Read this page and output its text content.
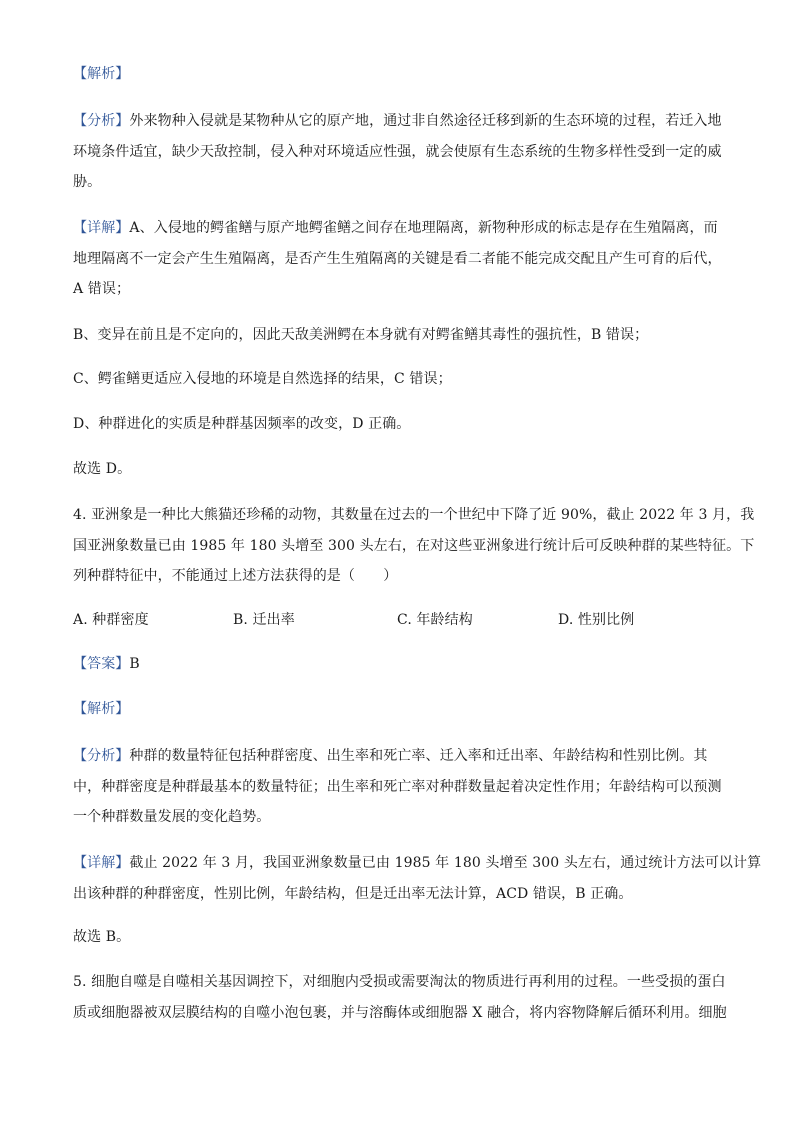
【解析】
【分析】外来物种入侵就是某物种从它的原产地，通过非自然途径迁移到新的生态环境的过程，若迁入地
环境条件适宜，缺少天敌控制，侵入种对环境适应性强，就会使原有生态系统的生物多样性受到一定的威
胁。
【详解】A、入侵地的鳄雀鳝与原产地鳄雀鳝之间存在地理隔离，新物种形成的标志是存在生殖隔离，而
地理隔离不一定会产生生殖隔离，是否产生生殖隔离的关键是看二者能不能完成交配且产生可育的后代，
A 错误；
B、变异在前且是不定向的，因此天敌美洲鳄在本身就有对鳄雀鳝其毒性的强抗性，B 错误；
C、鳄雀鳝更适应入侵地的环境是自然选择的结果，C 错误；
D、种群进化的实质是种群基因频率的改变，D 正确。
故选 D。
4. 亚洲象是一种比大熊猫还珍稀的动物，其数量在过去的一个世纪中下降了近 90%，截止 2022 年 3 月，我
国亚洲象数量已由 1985 年 180 头增至 300 头左右，在对这些亚洲象进行统计后可反映种群的某些特征。下
列种群特征中，不能通过上述方法获得的是（　　）
A. 种群密度	B. 迁出率	C. 年龄结构	D. 性别比例
【答案】B
【解析】
【分析】种群的数量特征包括种群密度、出生率和死亡率、迁入率和迁出率、年龄结构和性别比例。其
中，种群密度是种群最基本的数量特征；出生率和死亡率对种群数量起着决定性作用；年龄结构可以预测
一个种群数量发展的变化趋势。
【详解】截止 2022 年 3 月，我国亚洲象数量已由 1985 年 180 头增至 300 头左右，通过统计方法可以计算
出该种群的种群密度，性别比例，年龄结构，但是迁出率无法计算，ACD 错误，B 正确。
故选 B。
5. 细胞自噬是自噬相关基因调控下，对细胞内受损或需要淘汰的物质进行再利用的过程。一些受损的蛋白
质或细胞器被双层膜结构的自噬小泡包裹，并与溶酶体或细胞器 X 融合，将内容物降解后循环利用。细胞
